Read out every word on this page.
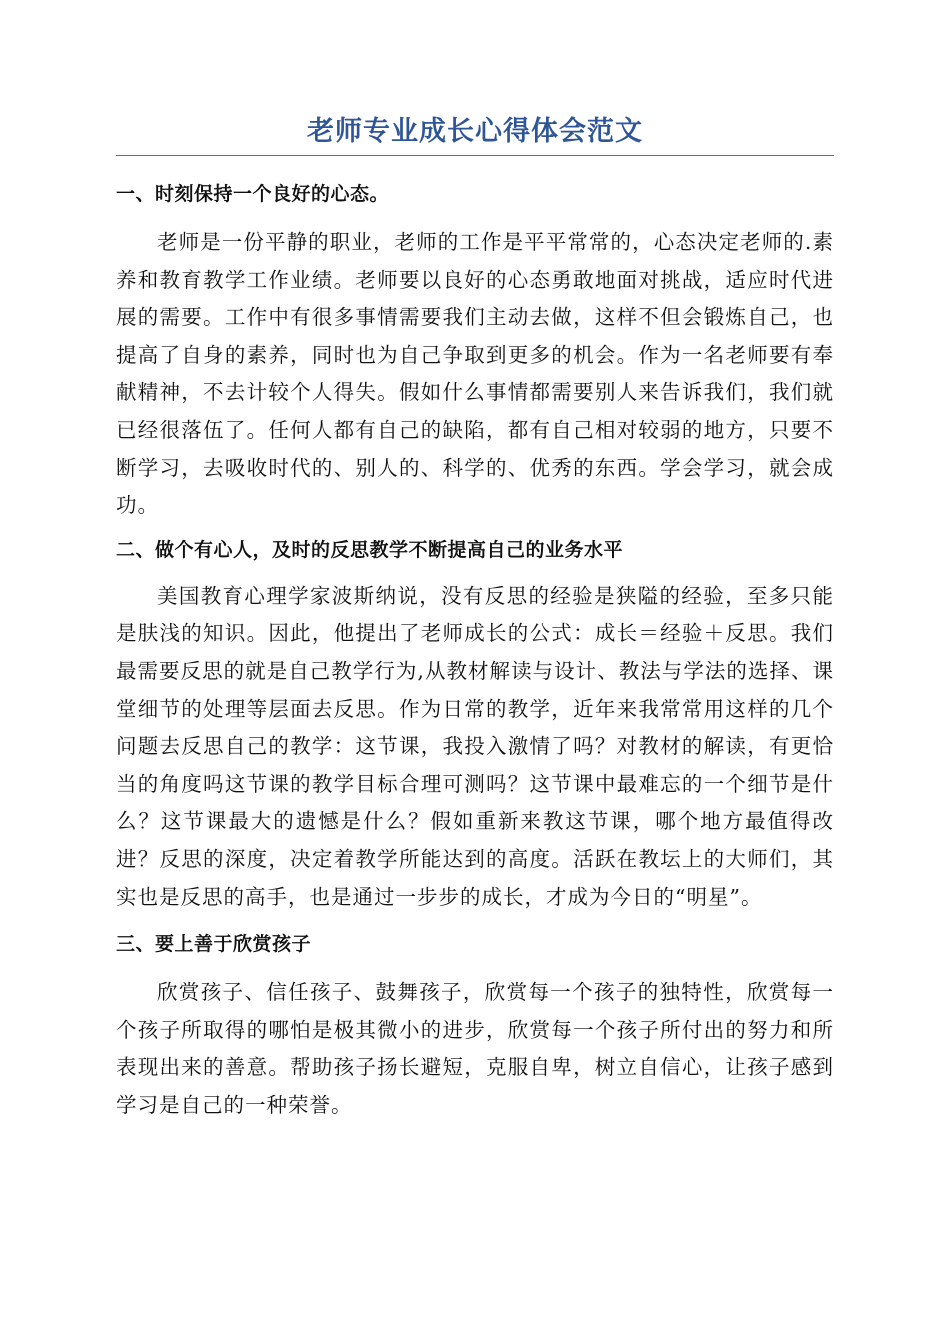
老师专业成长心得体会范文
一、时刻保持一个良好的心态。

老师是一份平静的职业，老师的工作是平平常常的，心态决定老师的.素养和教育教学工作业绩。老师要以良好的心态勇敢地面对挑战，适应时代进展的需要。工作中有很多事情需要我们主动去做，这样不但会锻炼自己，也提高了自身的素养，同时也为自己争取到更多的机会。作为一名老师要有奉献精神，不去计较个人得失。假如什么事情都需要别人来告诉我们，我们就已经很落伍了。任何人都有自己的缺陷，都有自己相对较弱的地方，只要不断学习，去吸收时代的、别人的、科学的、优秀的东西。学会学习，就会成功。

二、做个有心人，及时的反思教学不断提高自己的业务水平

美国教育心理学家波斯纳说，没有反思的经验是狭隘的经验，至多只能是肤浅的知识。因此，他提出了老师成长的公式：成长＝经验＋反思。我们最需要反思的就是自己教学行为,从教材解读与设计、教法与学法的选择、课堂细节的处理等层面去反思。作为日常的教学，近年来我常常用这样的几个问题去反思自己的教学：这节课，我投入激情了吗？对教材的解读，有更恰当的角度吗这节课的教学目标合理可测吗？这节课中最难忘的一个细节是什么？这节课最大的遗憾是什么？假如重新来教这节课，哪个地方最值得改进？反思的深度，决定着教学所能达到的高度。活跃在教坛上的大师们，其实也是反思的高手，也是通过一步步的成长，才成为今日的“明星”。

三、要上善于欣赏孩子

欣赏孩子、信任孩子、鼓舞孩子，欣赏每一个孩子的独特性，欣赏每一个孩子所取得的哪怕是极其微小的进步，欣赏每一个孩子所付出的努力和所表现出来的善意。帮助孩子扬长避短，克服自卑，树立自信心，让孩子感到学习是自己的一种荣誉。
